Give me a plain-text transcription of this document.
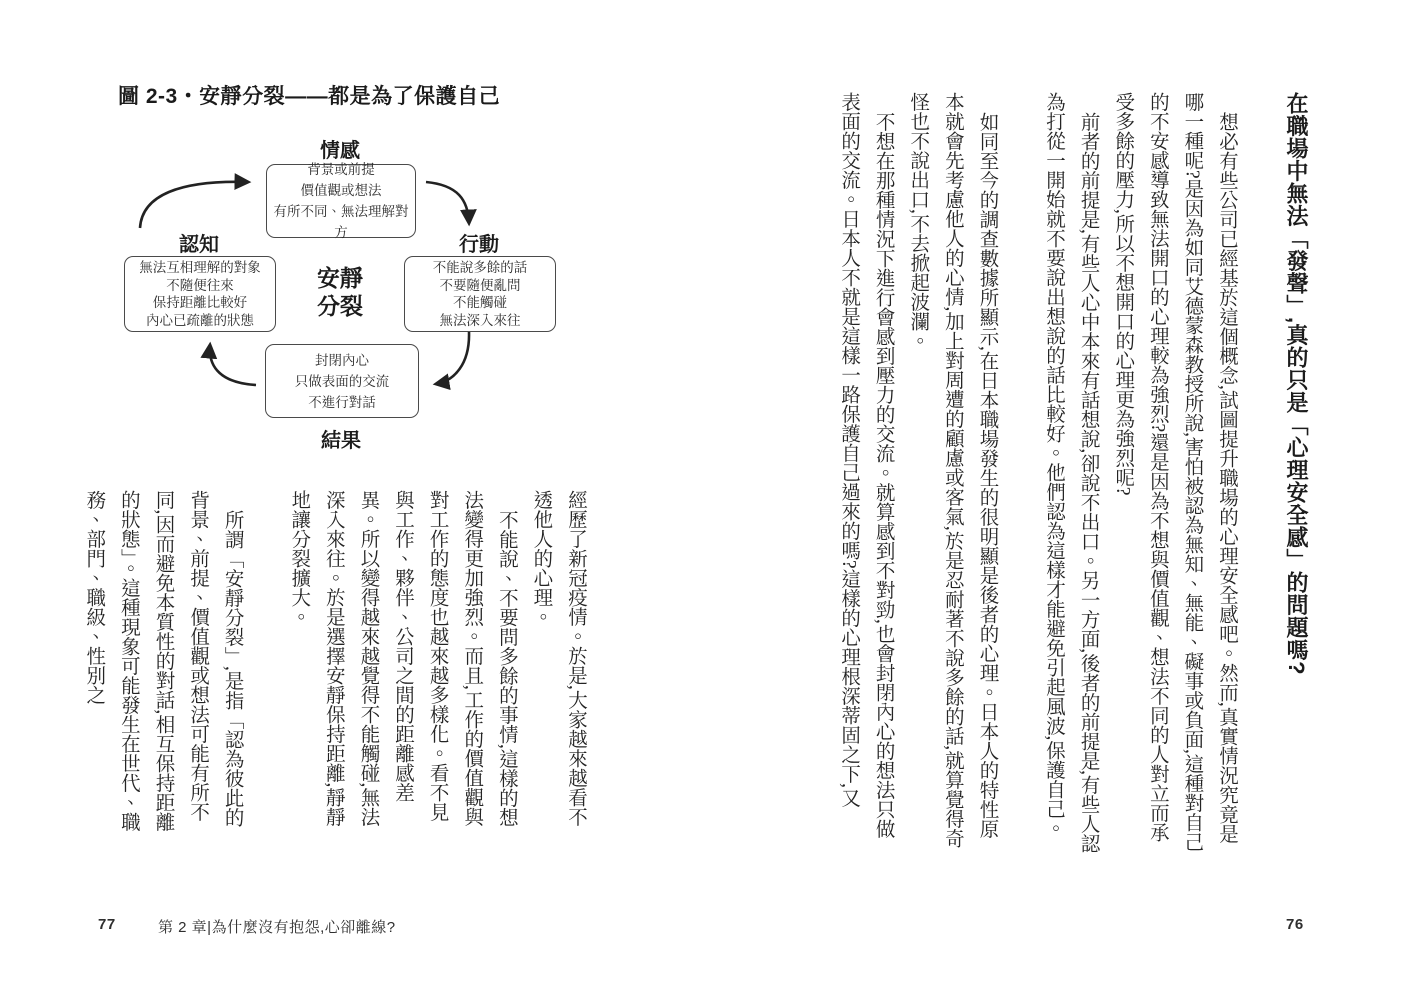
圖 2-3・安靜分裂——都是為了保護自己
情感
認知	行動
結果
背景或前提
價值觀或想法
有所不同、無法理解對方
無法互相理解的對象
不隨便往來
保持距離比較好
內心已疏離的狀態
不能說多餘的話
不要隨便亂問
不能觸碰
無法深入來往
封閉內心
只做表面的交流
不進行對話
安靜
分裂

經歷了新冠疫情。於是,大家越來越看不透他人的心理。

不能說、不要問多餘的事情,這樣的想法變得更加強烈。而且,工作的價值觀與對工作的態度也越來越多樣化。看不見與工作、夥伴、公司之間的距離感差異。所以變得越來越覺得不能觸碰,無法深入來往。於是選擇安靜保持距離,靜靜地讓分裂擴大。

所謂「安靜分裂」,是指「認為彼此的背景、前提、價值觀或想法可能有所不同,因而避免本質性的對話,相互保持距離的狀態」。這種現象可能發生在世代、職務、部門、職級、性別之	在職場中無法「發聲」,真的只是「心理安全感」的問題嗎?

想必有些公司已經基於這個概念,試圖提升職場的心理安全感吧。然而,真實情況究竟是哪一種呢?是因為如同艾德蒙森教授所說,害怕被認為無知、無能、礙事或負面,這種對自己的不安感導致無法開口的心理較為強烈?還是因為不想與價值觀、想法不同的人對立而承受多餘的壓力,所以不想開口的心理更為強烈呢?

前者的前提是,有些人心中本來有話想說,卻說不出口。另一方面,後者的前提是,有些人認為打從一開始就不要說出想說的話比較好。他們認為這樣才能避免引起風波,保護自己。

如同至今的調查數據所顯示,在日本職場發生的很明顯是後者的心理。日本人的特性原本就會先考慮他人的心情,加上對周遭的顧慮或客氣,於是忍耐著不說多餘的話,就算覺得奇怪也不說出口,不去掀起波瀾。

不想在那種情況下進行會感到壓力的交流。就算感到不對勁,也會封閉內心的想法只做表面的交流。日本人不就是這樣一路保護自己過來的嗎?這樣的心理根深蒂固之下,又

77	第 2 章|為什麼沒有抱怨,心卻離線?	76
